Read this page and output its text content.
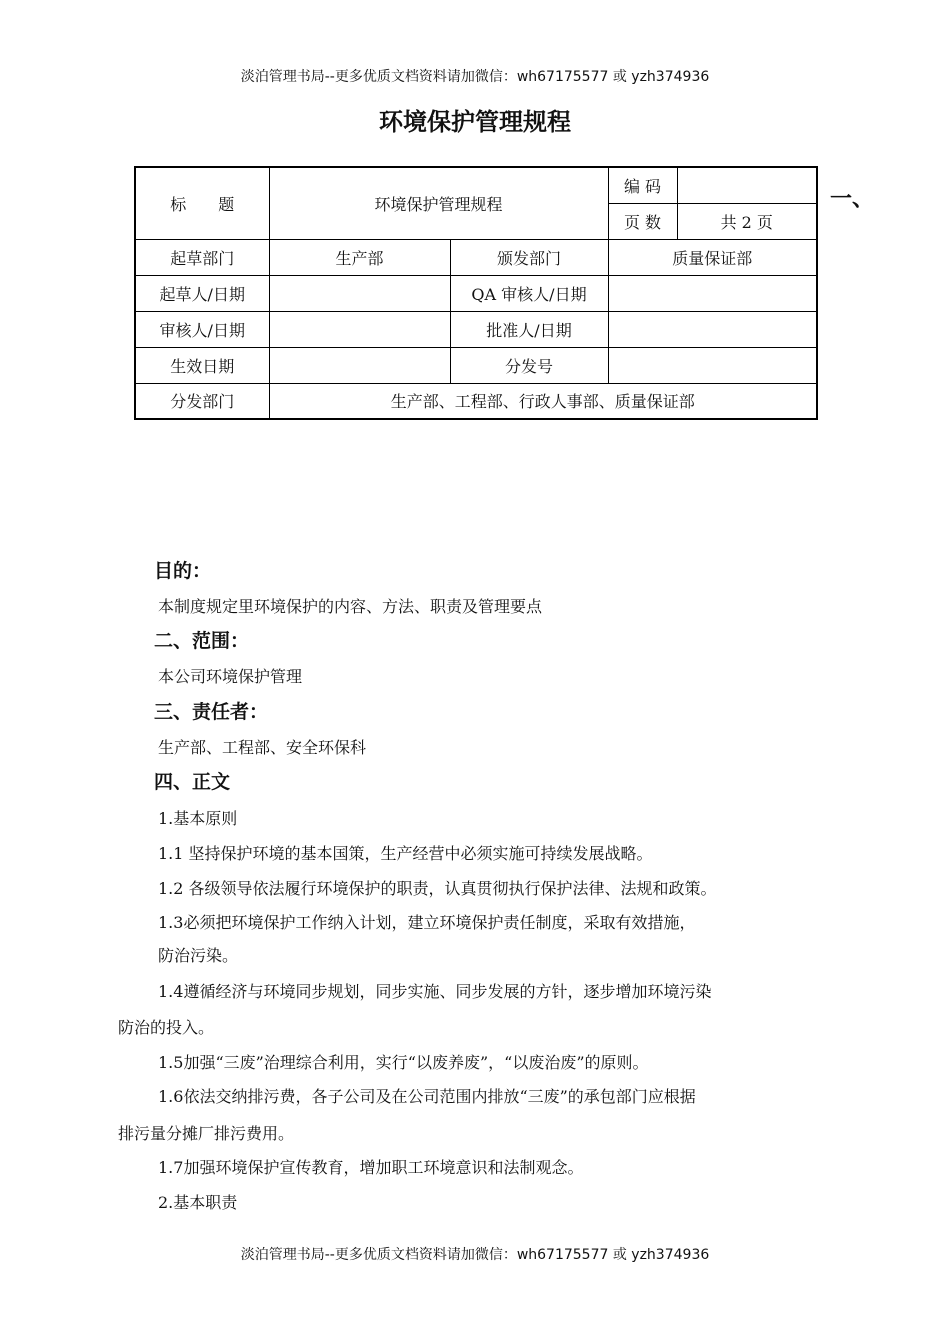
淡泊管理书局--更多优质文档资料请加微信：wh67175577 或 yzh374936
环境保护管理规程
标　　题	环境保护管理规程		编 码	
			页 数	共 2 页
起草部门	生产部	颁发部门	质量保证部	
起草人/日期		QA 审核人/日期		
审核人/日期		批准人/日期		
生效日期		分发号		
分发部门	生产部、工程部、行政人事部、质量保证部			
一、
目的：
本制度规定里环境保护的内容、方法、职责及管理要点
二、范围：
本公司环境保护管理
三、责任者：
生产部、工程部、安全环保科
四、正文
1.基本原则
1.1 坚持保护环境的基本国策，生产经营中必须实施可持续发展战略。
1.2 各级领导依法履行环境保护的职责，认真贯彻执行保护法律、法规和政策。
1.3必须把环境保护工作纳入计划，建立环境保护责任制度，采取有效措施，
防治污染。
1.4遵循经济与环境同步规划，同步实施、同步发展的方针，逐步增加环境污染
防治的投入。
1.5加强“三废”治理综合利用，实行“以废养废”，“以废治废”的原则。
1.6依法交纳排污费，各子公司及在公司范围内排放“三废”的承包部门应根据
排污量分摊厂排污费用。
1.7加强环境保护宣传教育，增加职工环境意识和法制观念。
2.基本职责
淡泊管理书局--更多优质文档资料请加微信：wh67175577 或 yzh374936
